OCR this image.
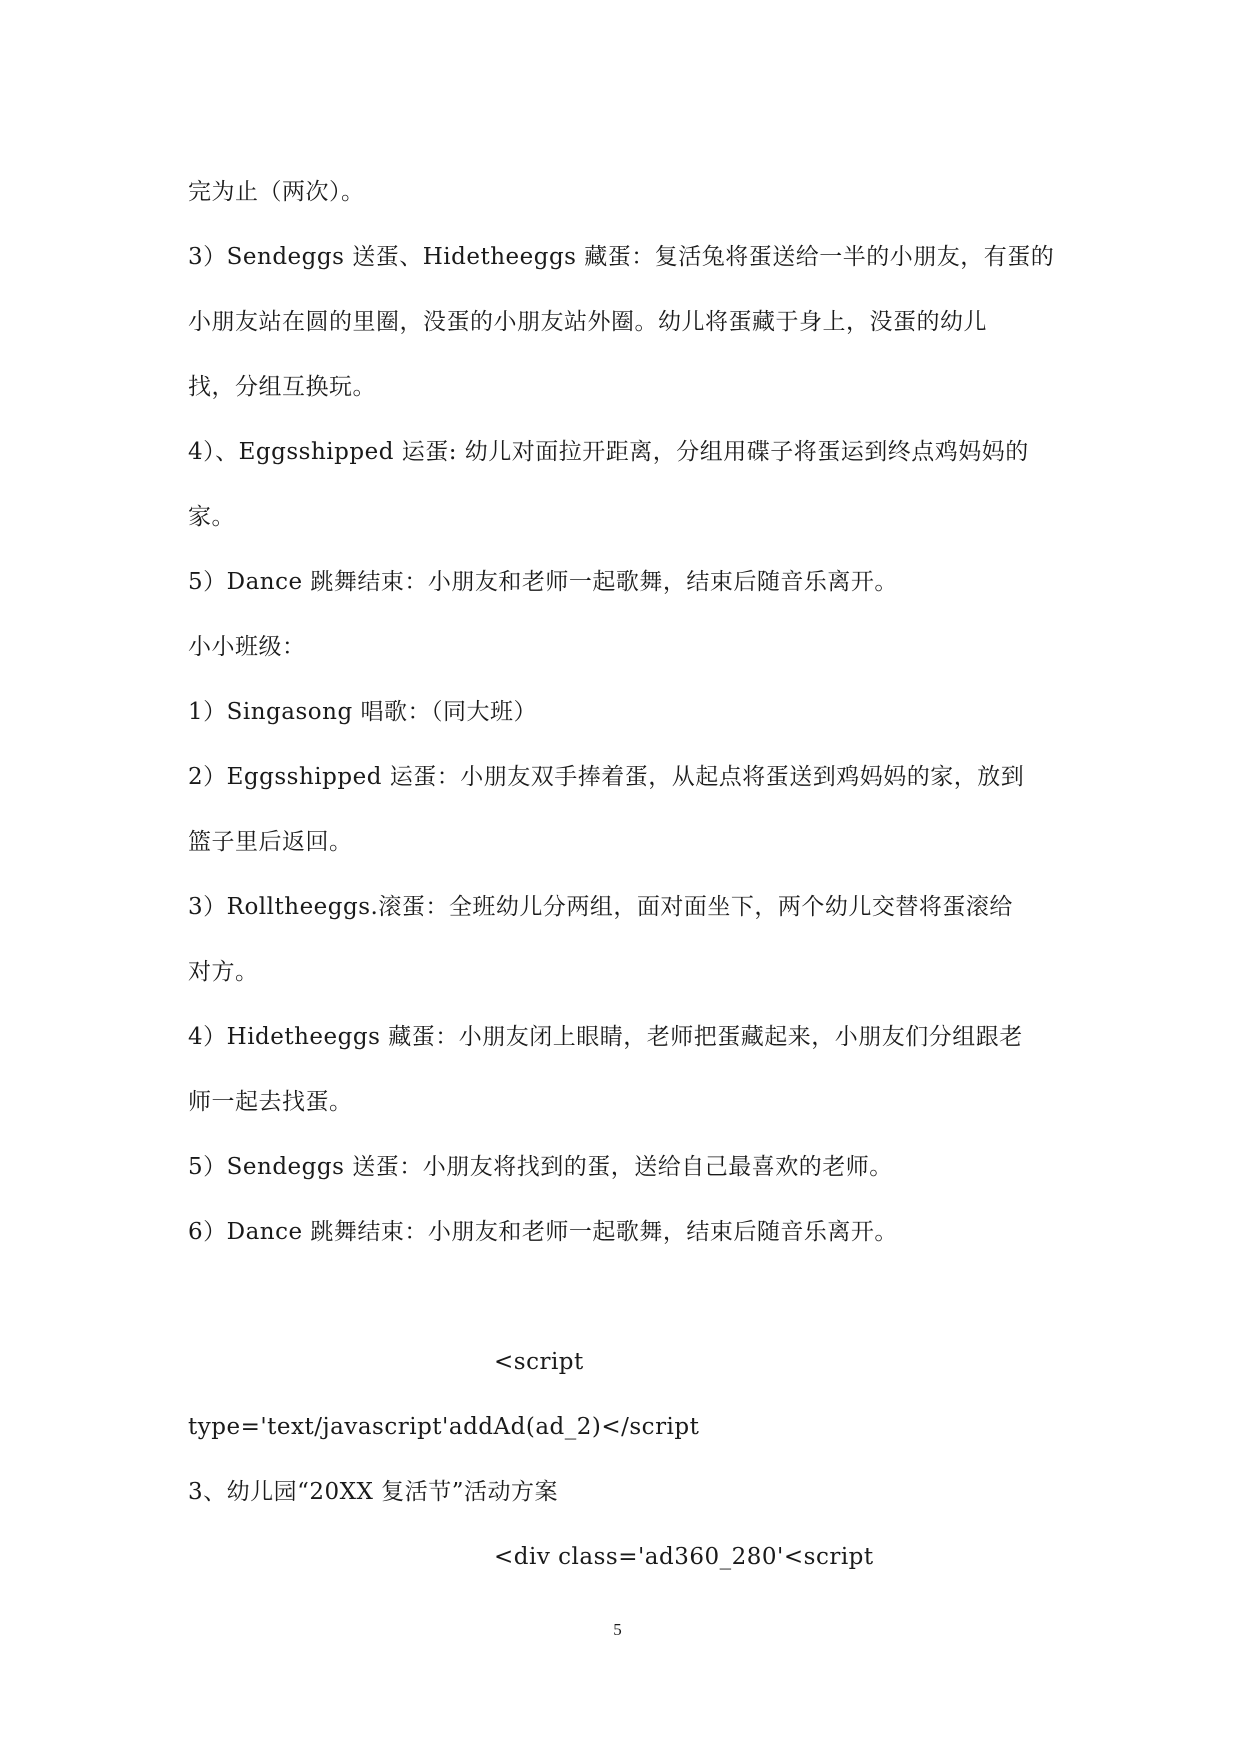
完为止（两次）。
3）Sendeggs 送蛋、Hidetheeggs 藏蛋：复活兔将蛋送给一半的小朋友，有蛋的
小朋友站在圆的里圈，没蛋的小朋友站外圈。幼儿将蛋藏于身上，没蛋的幼儿
找，分组互换玩。
4）、Eggsshipped 运蛋: 幼儿对面拉开距离，分组用碟子将蛋运到终点鸡妈妈的
家。
5）Dance 跳舞结束：小朋友和老师一起歌舞，结束后随音乐离开。
小小班级：
1）Singasong 唱歌：（同大班）
2）Eggsshipped 运蛋：小朋友双手捧着蛋，从起点将蛋送到鸡妈妈的家，放到
篮子里后返回。
3）Rolltheeggs.滚蛋：全班幼儿分两组，面对面坐下，两个幼儿交替将蛋滚给
对方。
4）Hidetheeggs 藏蛋：小朋友闭上眼睛，老师把蛋藏起来，小朋友们分组跟老
师一起去找蛋。
5）Sendeggs 送蛋：小朋友将找到的蛋，送给自己最喜欢的老师。
6）Dance 跳舞结束：小朋友和老师一起歌舞，结束后随音乐离开。
<script
type='text/javascript'addAd(ad_2)</script
3、幼儿园“20XX 复活节”活动方案
<div class='ad360_280'<script
5
